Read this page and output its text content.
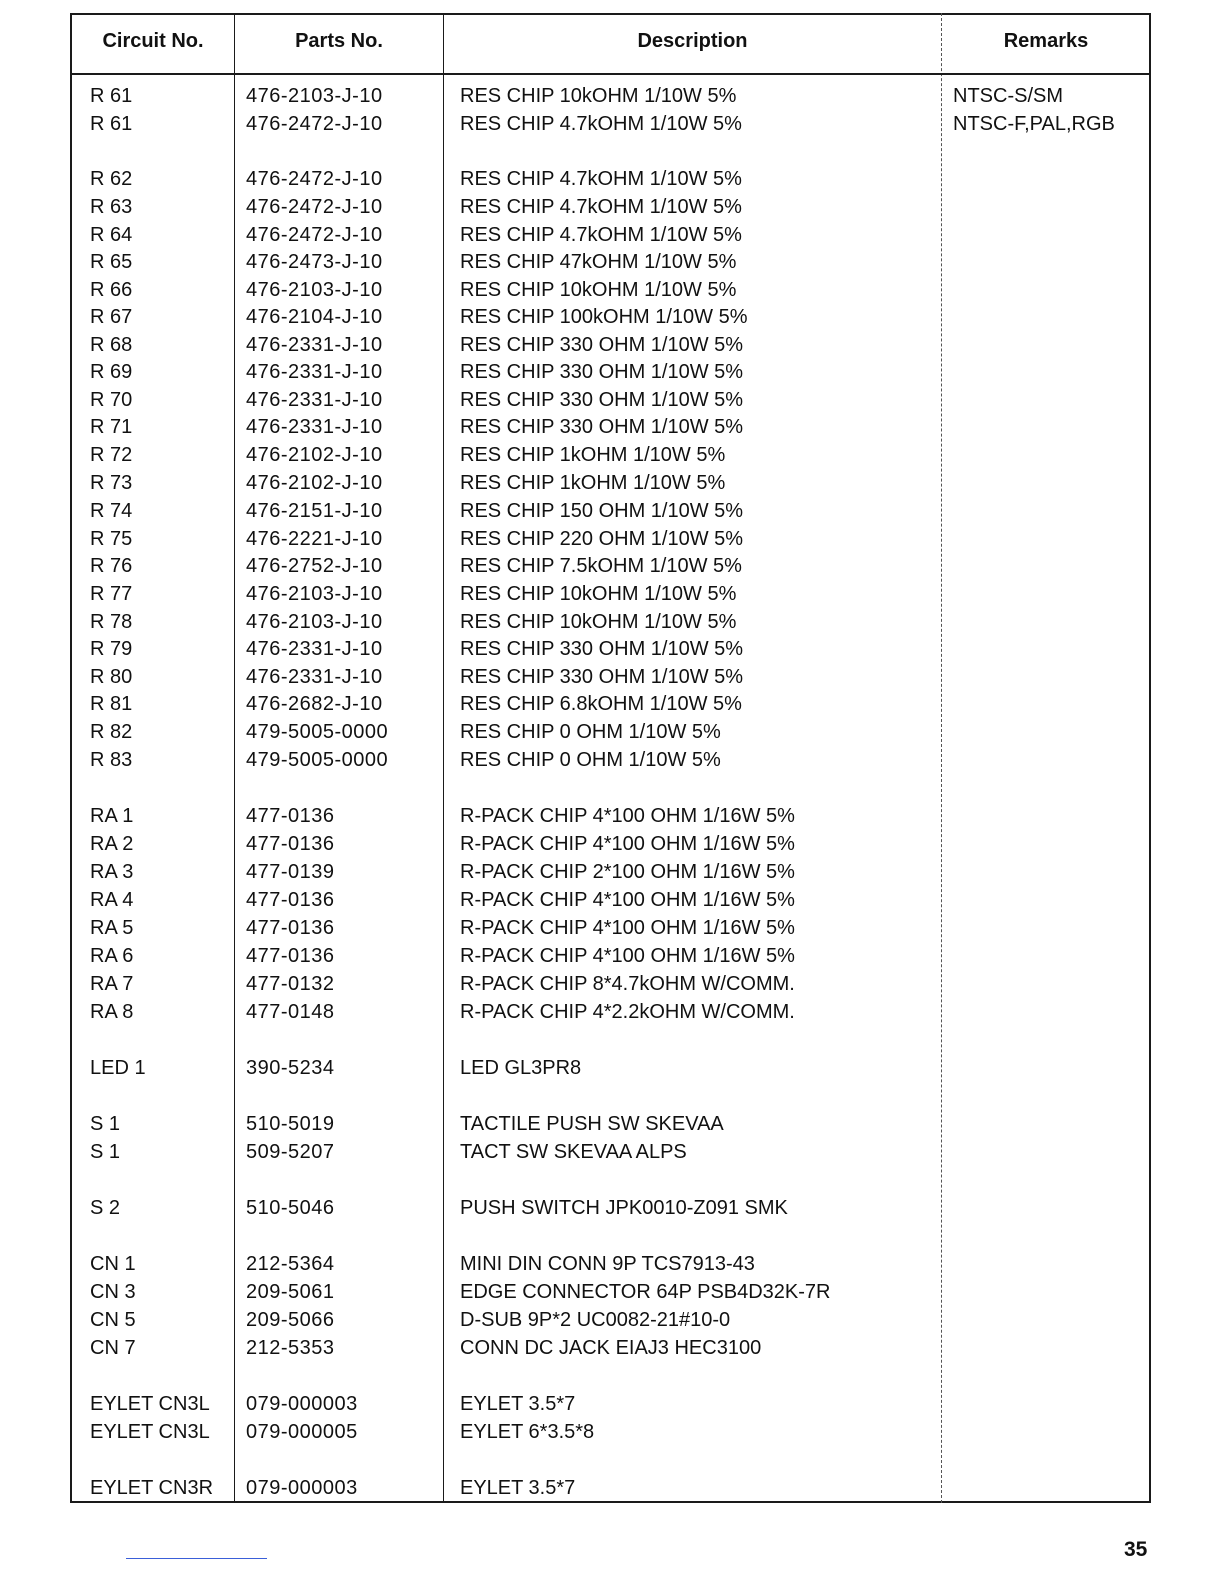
Circuit No.	Parts No.	Description	Remarks
R 61	476-2103-J-10	RES CHIP 10kOHM 1/10W 5%	NTSC-S/SM
R 61	476-2472-J-10	RES CHIP 4.7kOHM 1/10W 5%	NTSC-F,PAL,RGB
R 62	476-2472-J-10	RES CHIP 4.7kOHM 1/10W 5%
R 63	476-2472-J-10	RES CHIP 4.7kOHM 1/10W 5%
R 64	476-2472-J-10	RES CHIP 4.7kOHM 1/10W 5%
R 65	476-2473-J-10	RES CHIP 47kOHM 1/10W 5%
R 66	476-2103-J-10	RES CHIP 10kOHM 1/10W 5%
R 67	476-2104-J-10	RES CHIP 100kOHM 1/10W 5%
R 68	476-2331-J-10	RES CHIP 330 OHM 1/10W 5%
R 69	476-2331-J-10	RES CHIP 330 OHM 1/10W 5%
R 70	476-2331-J-10	RES CHIP 330 OHM 1/10W 5%
R 71	476-2331-J-10	RES CHIP 330 OHM 1/10W 5%
R 72	476-2102-J-10	RES CHIP 1kOHM 1/10W 5%
R 73	476-2102-J-10	RES CHIP 1kOHM 1/10W 5%
R 74	476-2151-J-10	RES CHIP 150 OHM 1/10W 5%
R 75	476-2221-J-10	RES CHIP 220 OHM 1/10W 5%
R 76	476-2752-J-10	RES CHIP 7.5kOHM 1/10W 5%
R 77	476-2103-J-10	RES CHIP 10kOHM 1/10W 5%
R 78	476-2103-J-10	RES CHIP 10kOHM 1/10W 5%
R 79	476-2331-J-10	RES CHIP 330 OHM 1/10W 5%
R 80	476-2331-J-10	RES CHIP 330 OHM 1/10W 5%
R 81	476-2682-J-10	RES CHIP 6.8kOHM 1/10W 5%
R 82	479-5005-0000	RES CHIP 0 OHM 1/10W 5%
R 83	479-5005-0000	RES CHIP 0 OHM 1/10W 5%
RA 1	477-0136	R-PACK CHIP 4*100 OHM 1/16W 5%
RA 2	477-0136	R-PACK CHIP 4*100 OHM 1/16W 5%
RA 3	477-0139	R-PACK CHIP 2*100 OHM 1/16W 5%
RA 4	477-0136	R-PACK CHIP 4*100 OHM 1/16W 5%
RA 5	477-0136	R-PACK CHIP 4*100 OHM 1/16W 5%
RA 6	477-0136	R-PACK CHIP 4*100 OHM 1/16W 5%
RA 7	477-0132	R-PACK CHIP 8*4.7kOHM W/COMM.
RA 8	477-0148	R-PACK CHIP 4*2.2kOHM W/COMM.
LED 1	390-5234	LED GL3PR8
S 1	510-5019	TACTILE PUSH SW SKEVAA
S 1	509-5207	TACT SW SKEVAA ALPS
S 2	510-5046	PUSH SWITCH JPK0010-Z091 SMK
CN 1	212-5364	MINI DIN CONN 9P TCS7913-43
CN 3	209-5061	EDGE CONNECTOR 64P PSB4D32K-7R
CN 5	209-5066	D-SUB 9P*2 UC0082-21#10-0
CN 7	212-5353	CONN DC JACK EIAJ3 HEC3100
EYLET CN3L 079-000003	EYLET 3.5*7
EYLET CN3L 079-000005	EYLET 6*3.5*8
EYLET CN3R 079-000003	EYLET 3.5*7
35
